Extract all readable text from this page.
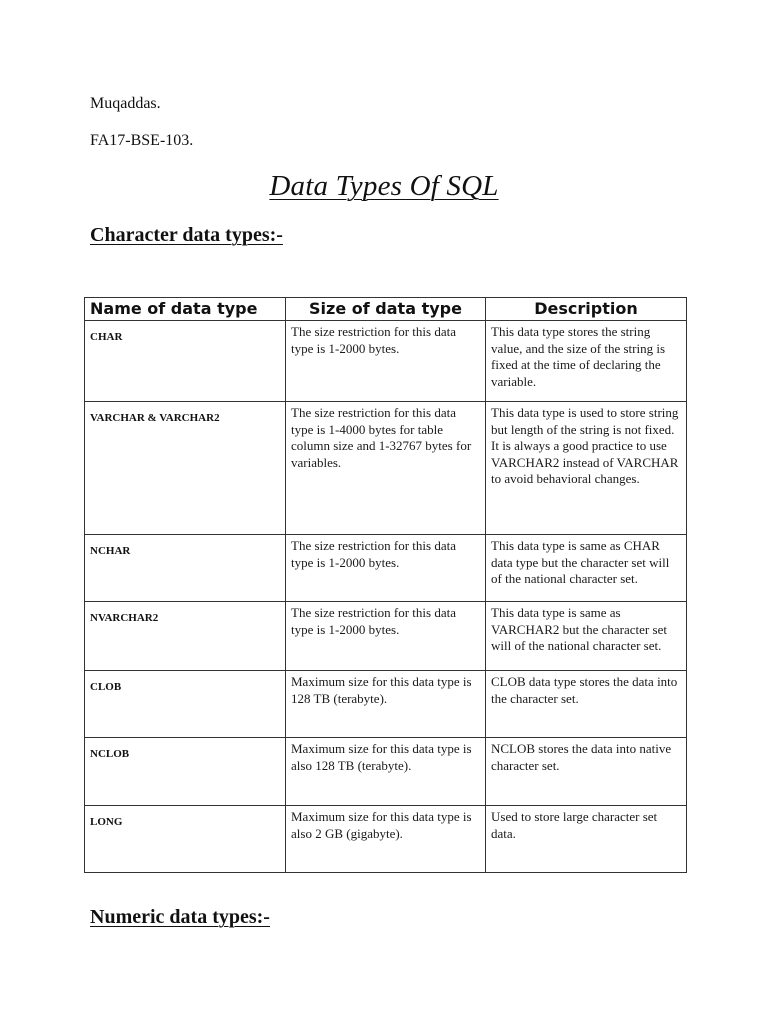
Muqaddas.
FA17-BSE-103.
Data Types Of SQL
Character data types:-
Name of data type	Size of data type	Description
CHAR	The size restriction for this data type is 1-2000 bytes.	This data type stores the string value, and the size of the string is fixed at the time of declaring the variable.
VARCHAR & VARCHAR2	The size restriction for this data type is 1-4000 bytes for table column size and 1-32767 bytes for variables.	This data type is used to store string but length of the string is not fixed. It is always a good practice to use VARCHAR2 instead of VARCHAR to avoid behavioral changes.
NCHAR	The size restriction for this data type is 1-2000 bytes.	This data type is same as CHAR data type but the character set will of the national character set.
NVARCHAR2	The size restriction for this data type is 1-2000 bytes.	This data type is same as VARCHAR2 but the character set will of the national character set.
CLOB	Maximum size for this data type is 128 TB (terabyte).	CLOB data type stores the data into the character set.
NCLOB	Maximum size for this data type is also 128 TB (terabyte).	NCLOB stores the data into native character set.
LONG	Maximum size for this data type is also 2 GB (gigabyte).	Used to store large character set data.
Numeric data types:-
